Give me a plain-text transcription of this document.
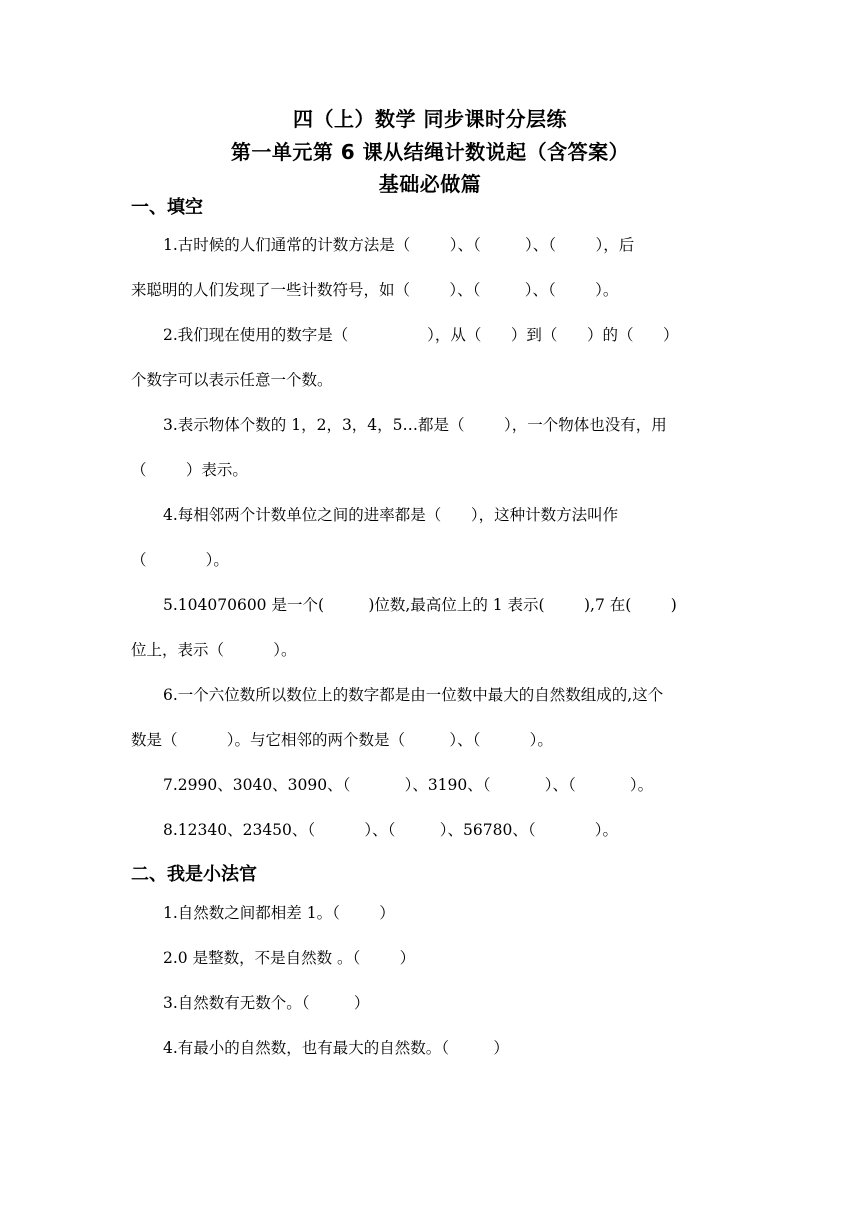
四（上）数学 同步课时分层练
第一单元第 6 课从结绳计数说起（含答案）
基础必做篇
一、填空
1.古时候的人们通常的计数方法是（        ）、（         ）、（        ），后
来聪明的人们发现了一些计数符号，如（        ）、（         ）、（        ）。
2.我们现在使用的数字是（                ），从（      ）到（      ）的（      ）
个数字可以表示任意一个数。
3.表示物体个数的 1，2，3，4，5…都是（        ），一个物体也没有，用
（        ）表示。
4.每相邻两个计数单位之间的进率都是（      ），这种计数方法叫作
（            ）。
5.104070600 是一个(         )位数,最高位上的 1 表示(        ),7 在(        )
位上，表示（          ）。
6.一个六位数所以数位上的数字都是由一位数中最大的自然数组成的,这个
数是（          ）。与它相邻的两个数是（         ）、（          ）。
7.2990、3040、3090、（           ）、3190、（           ）、（           ）。
8.12340、23450、（          ）、（         ）、56780、（            ）。
二、我是小法官
1.自然数之间都相差 1。（        ）
2.0 是整数，不是自然数 。（        ）
3.自然数有无数个。（         ）
4.有最小的自然数，也有最大的自然数。（         ）
